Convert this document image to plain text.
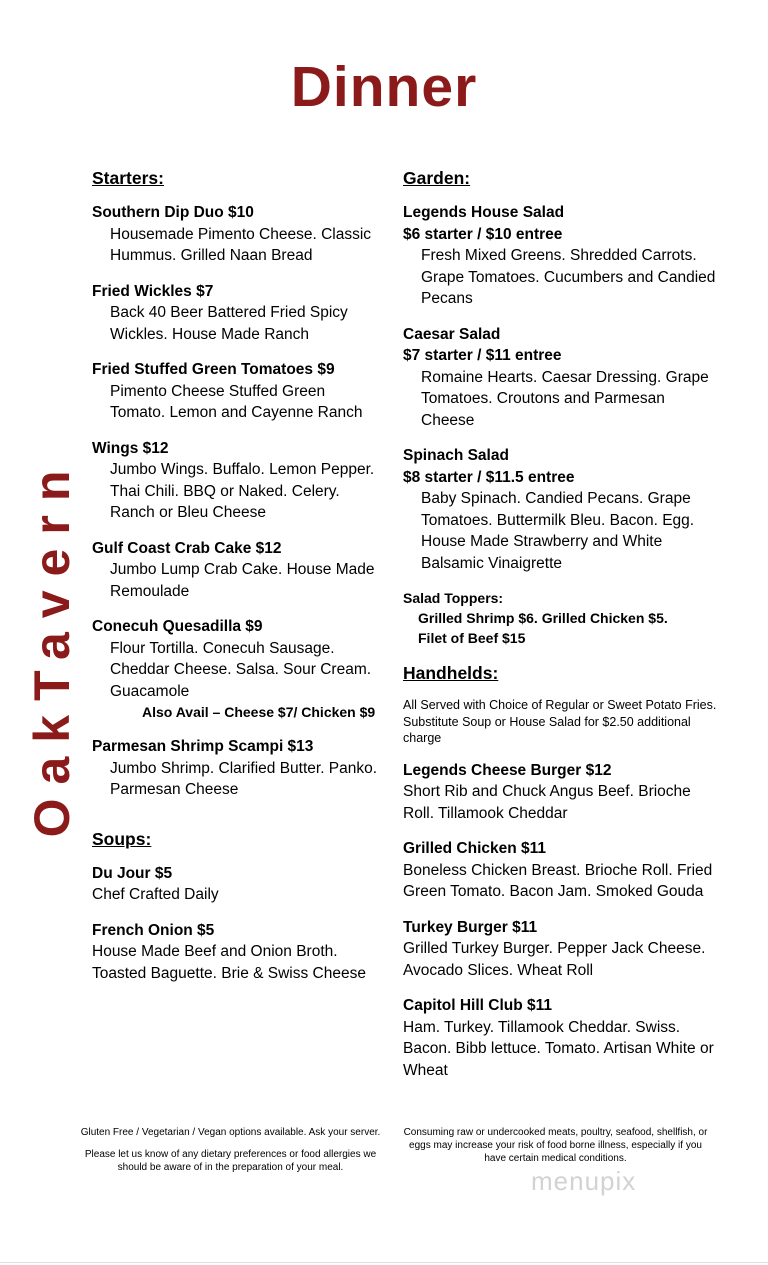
Dinner
OakTavern
Starters:
Southern Dip Duo $10
Housemade Pimento Cheese. Classic Hummus. Grilled Naan Bread
Fried Wickles $7
Back 40 Beer Battered Fried Spicy Wickles. House Made Ranch
Fried Stuffed Green Tomatoes $9
Pimento Cheese Stuffed Green Tomato. Lemon and Cayenne Ranch
Wings $12
Jumbo Wings. Buffalo. Lemon Pepper. Thai Chili. BBQ or Naked. Celery. Ranch or Bleu Cheese
Gulf Coast Crab Cake $12
Jumbo Lump Crab Cake. House Made Remoulade
Conecuh Quesadilla $9
Flour Tortilla. Conecuh Sausage. Cheddar Cheese. Salsa. Sour Cream. Guacamole
Also Avail – Cheese $7/ Chicken $9
Parmesan Shrimp Scampi $13
Jumbo Shrimp. Clarified Butter. Panko. Parmesan Cheese
Soups:
Du Jour $5
Chef Crafted Daily
French Onion $5
House Made Beef and Onion Broth. Toasted Baguette. Brie & Swiss Cheese
Garden:
Legends House Salad
$6 starter / $10 entree
Fresh Mixed Greens. Shredded Carrots. Grape Tomatoes. Cucumbers and Candied Pecans
Caesar Salad
$7 starter / $11 entree
Romaine Hearts. Caesar Dressing. Grape Tomatoes. Croutons and Parmesan Cheese
Spinach Salad
$8 starter / $11.5 entree
Baby Spinach. Candied Pecans. Grape Tomatoes. Buttermilk Bleu. Bacon. Egg. House Made Strawberry and White Balsamic Vinaigrette
Salad Toppers:
Grilled Shrimp $6. Grilled Chicken $5.
Filet of Beef $15
Handhelds:

All Served with Choice of Regular or Sweet Potato Fries. Substitute Soup or House Salad for $2.50 additional charge

Legends Cheese Burger $12
Short Rib and Chuck Angus Beef. Brioche Roll. Tillamook Cheddar
Grilled Chicken $11
Boneless Chicken Breast. Brioche Roll. Fried Green Tomato. Bacon Jam. Smoked Gouda
Turkey Burger $11
Grilled Turkey Burger. Pepper Jack Cheese. Avocado Slices. Wheat Roll
Capitol Hill Club $11
Ham. Turkey. Tillamook Cheddar. Swiss. Bacon. Bibb lettuce. Tomato. Artisan White or Wheat

Gluten Free / Vegetarian / Vegan options available. Ask your server.

Please let us know of any dietary preferences or food allergies we should be aware of in the preparation of your meal.

Consuming raw or undercooked meats, poultry, seafood, shellfish, or eggs may increase your risk of food borne illness, especially if you have certain medical conditions.

menupix
